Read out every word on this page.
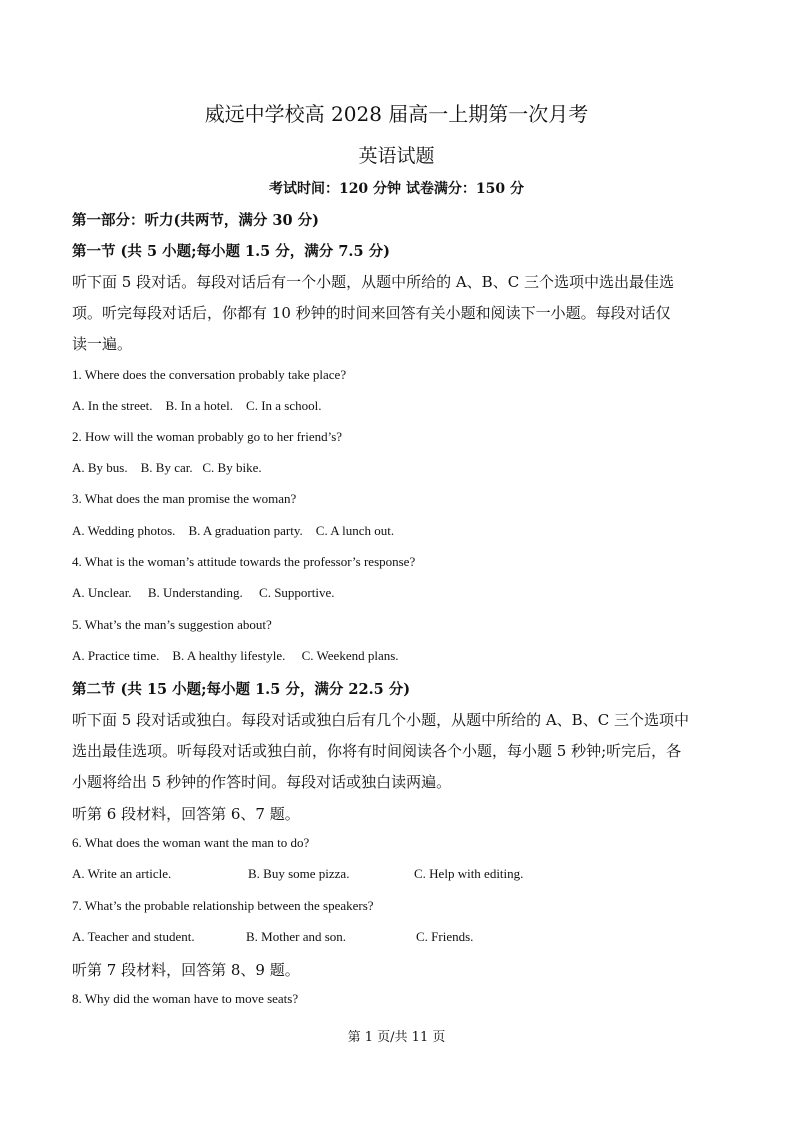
威远中学校高 2028 届高一上期第一次月考
英语试题
考试时间：120 分钟 试卷满分：150 分
第一部分：听力(共两节，满分 30 分)
第一节 (共 5 小题;每小题 1.5 分，满分 7.5 分)
听下面 5 段对话。每段对话后有一个小题，从题中所给的 A、B、C 三个选项中选出最佳选
项。听完每段对话后，你都有 10 秒钟的时间来回答有关小题和阅读下一小题。每段对话仅
读一遍。
1. Where does the conversation probably take place?
A. In the street. B. In a hotel. C. In a school.
2. How will the woman probably go to her friend’s?
A. By bus. B. By car. C. By bike.
3. What does the man promise the woman?
A. Wedding photos. B. A graduation party. C. A lunch out.
4. What is the woman’s attitude towards the professor’s response?
A. Unclear. B. Understanding. C. Supportive.
5. What’s the man’s suggestion about?
A. Practice time. B. A healthy lifestyle. C. Weekend plans.
第二节 (共 15 小题;每小题 1.5 分，满分 22.5 分)
听下面 5 段对话或独白。每段对话或独白后有几个小题，从题中所给的 A、B、C 三个选项中
选出最佳选项。听每段对话或独白前，你将有时间阅读各个小题，每小题 5 秒钟;听完后，各
小题将给出 5 秒钟的作答时间。每段对话或独白读两遍。
听第 6 段材料，回答第 6、7 题。
6. What does the woman want the man to do?
A. Write an article.	B. Buy some pizza.	C. Help with editing.
7. What’s the probable relationship between the speakers?
A. Teacher and student.	B. Mother and son.	C. Friends.
听第 7 段材料，回答第 8、9 题。
8. Why did the woman have to move seats?
第 1 页/共 11 页
